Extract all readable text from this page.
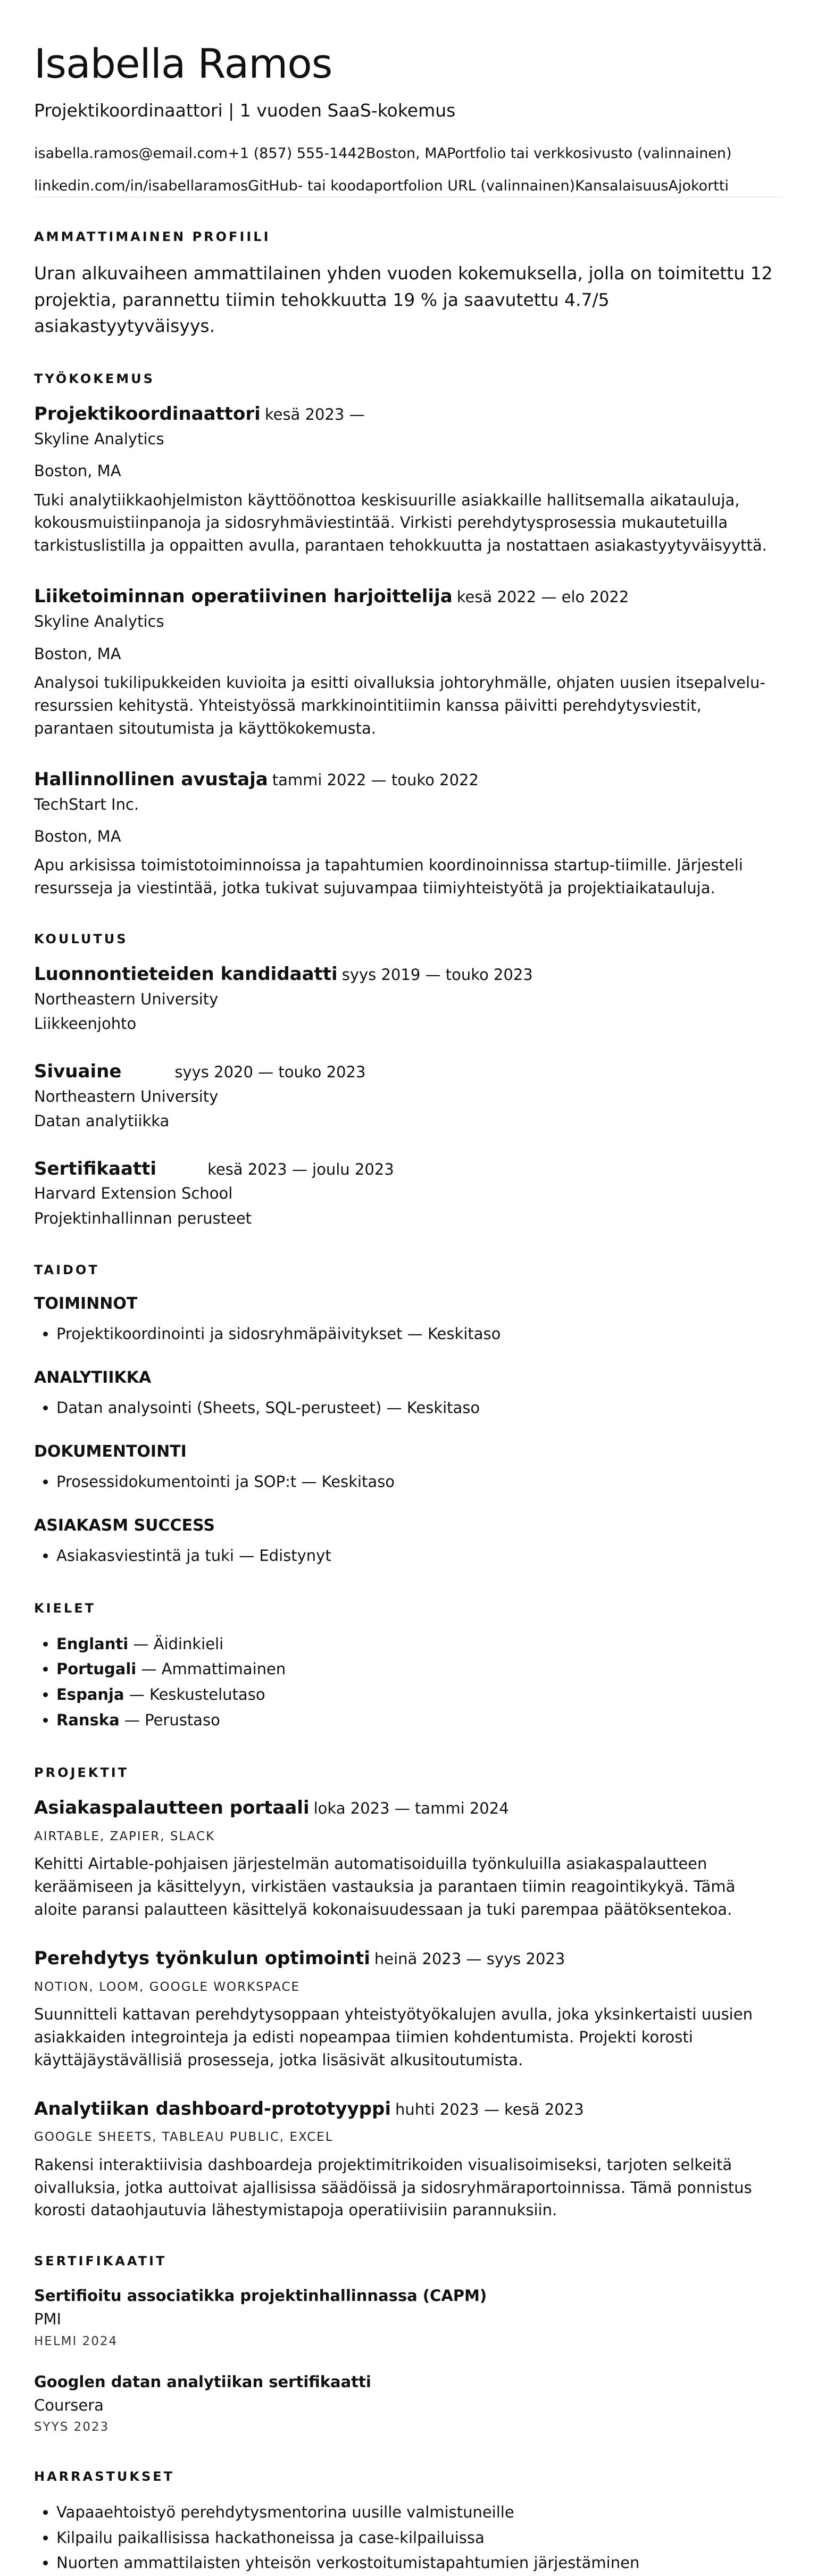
Isabella Ramos
Projektikoordinaattori | 1 vuoden SaaS-kokemus
isabella.ramos@email.com+1 (857) 555-1442Boston, MAPortfolio tai verkkosivusto (valinnainen)
linkedin.com/in/isabellaramosGitHub- tai koodaportfolion URL (valinnainen)KansalaisuusAjokortti
AMMATTIMAINEN PROFIILI

Uran alkuvaiheen ammattilainen yhden vuoden kokemuksella, jolla on toimitettu 12 projektia, parannettu tiimin tehokkuutta 19 % ja saavutettu 4.7/5 asiakastyytyväisyys.

TYÖKOKEMUS
Projektikoordinaattori kesä 2023 —
Skyline Analytics
Boston, MA
Tuki analytiikkaohjelmiston käyttöönottoa keskisuurille asiakkaille hallitsemalla aikatauluja, kokousmuistiinpanoja ja sidosryhmäviestintää. Virkisti perehdytysprosessia mukautetuilla tarkistuslistilla ja oppaitten avulla, parantaen tehokkuutta ja nostattaen asiakastyytyväisyyttä.
Liiketoiminnan operatiivinen harjoittelija kesä 2022 — elo 2022
Skyline Analytics
Boston, MA
Analysoi tukilipukkeiden kuvioita ja esitti oivalluksia johtoryhmälle, ohjaten uusien itsepalvelu-resurssien kehitystä. Yhteistyössä markkinointitiimin kanssa päivitti perehdytysviestit, parantaen sitoutumista ja käyttökokemusta.
Hallinnollinen avustaja tammi 2022 — touko 2022
TechStart Inc.
Boston, MA
Apu arkisissa toimistotoiminnoissa ja tapahtumien koordinoinnissa startup-tiimille. Järjesteli resursseja ja viestintää, jotka tukivat sujuvampaa tiimiyhteistyötä ja projektiaikatauluja.
KOULUTUS
Luonnontieteiden kandidaatti syys 2019 — touko 2023
Northeastern University
Liikkeenjohto
Sivuaine	syys 2020 — touko 2023
Northeastern University
Datan analytiikka
Sertifikaatti	kesä 2023 — joulu 2023
Harvard Extension School
Projektinhallinnan perusteet
TAIDOT
TOIMINNOT
• Projektikoordinointi ja sidosryhmäpäivitykset — Keskitaso
ANALYTIIKKA
• Datan analysointi (Sheets, SQL-perusteet) — Keskitaso
DOKUMENTOINTI
• Prosessidokumentointi ja SOP:t — Keskitaso
ASIAKASM SUCCESS
• Asiakasviestintä ja tuki — Edistynyt
KIELET
• Englanti — Äidinkieli
• Portugali — Ammattimainen
• Espanja — Keskustelutaso
• Ranska — Perustaso
PROJEKTIT
Asiakaspalautteen portaali loka 2023 — tammi 2024
AIRTABLE, ZAPIER, SLACK
Kehitti Airtable-pohjaisen järjestelmän automatisoiduilla työnkuluilla asiakaspalautteen keräämiseen ja käsittelyyn, virkistäen vastauksia ja parantaen tiimin reagointikykyä. Tämä aloite paransi palautteen käsittelyä kokonaisuudessaan ja tuki parempaa päätöksentekoa.
Perehdytys työnkulun optimointi heinä 2023 — syys 2023
NOTION, LOOM, GOOGLE WORKSPACE
Suunnitteli kattavan perehdytysoppaan yhteistyötyökalujen avulla, joka yksinkertaisti uusien asiakkaiden integrointeja ja edisti nopeampaa tiimien kohdentumista. Projekti korosti käyttäjäystävällisiä prosesseja, jotka lisäsivät alkusitoutumista.
Analytiikan dashboard-prototyyppi huhti 2023 — kesä 2023
GOOGLE SHEETS, TABLEAU PUBLIC, EXCEL
Rakensi interaktiivisia dashboardeja projektimitrikoiden visualisoimiseksi, tarjoten selkeitä oivalluksia, jotka auttoivat ajallisissa säädöissä ja sidosryhmäraportoinnissa. Tämä ponnistus korosti dataohjautuvia lähestymistapoja operatiivisiin parannuksiin.
SERTIFIKAATIT
Sertifioitu associatikka projektinhallinnassa (CAPM)
PMI
HELMI 2024
Googlen datan analytiikan sertifikaatti
Coursera
SYYS 2023
HARRASTUKSET
• Vapaaehtoistyö perehdytysmentorina uusille valmistuneille
• Kilpailu paikallisissa hackathoneissa ja case-kilpailuissa
• Nuorten ammattilaisten yhteisön verkostoitumistapahtumien järjestäminen
